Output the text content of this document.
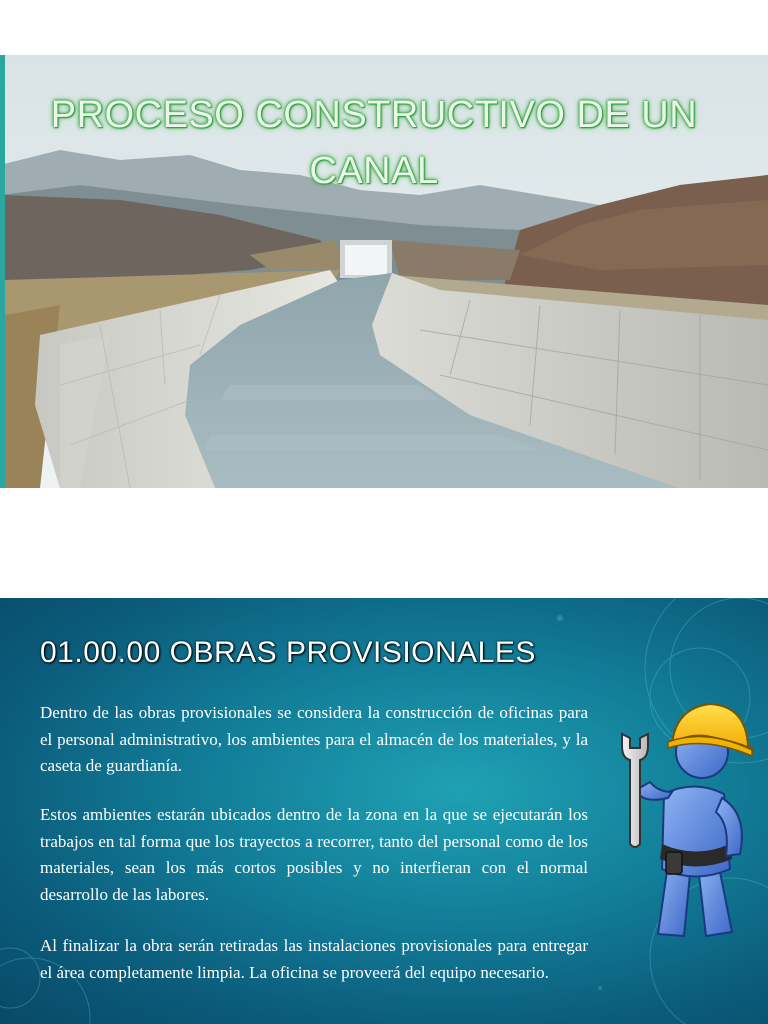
PROCESO CONSTRUCTIVO DE UN CANAL
01.00.00 OBRAS PROVISIONALES
Dentro de las obras provisionales se considera la construcción de oficinas para el personal administrativo, los ambientes para el almacén de los materiales, y la caseta de guardianía.
Estos ambientes estarán ubicados dentro de la zona en la que se ejecutarán los trabajos en tal forma que los trayectos a recorrer, tanto del personal como de los materiales, sean los más cortos posibles y no interfieran con el normal desarrollo de las labores.
Al finalizar la obra serán retiradas las instalaciones provisionales para entregar el área completamente limpia. La oficina se proveerá del equipo necesario.
